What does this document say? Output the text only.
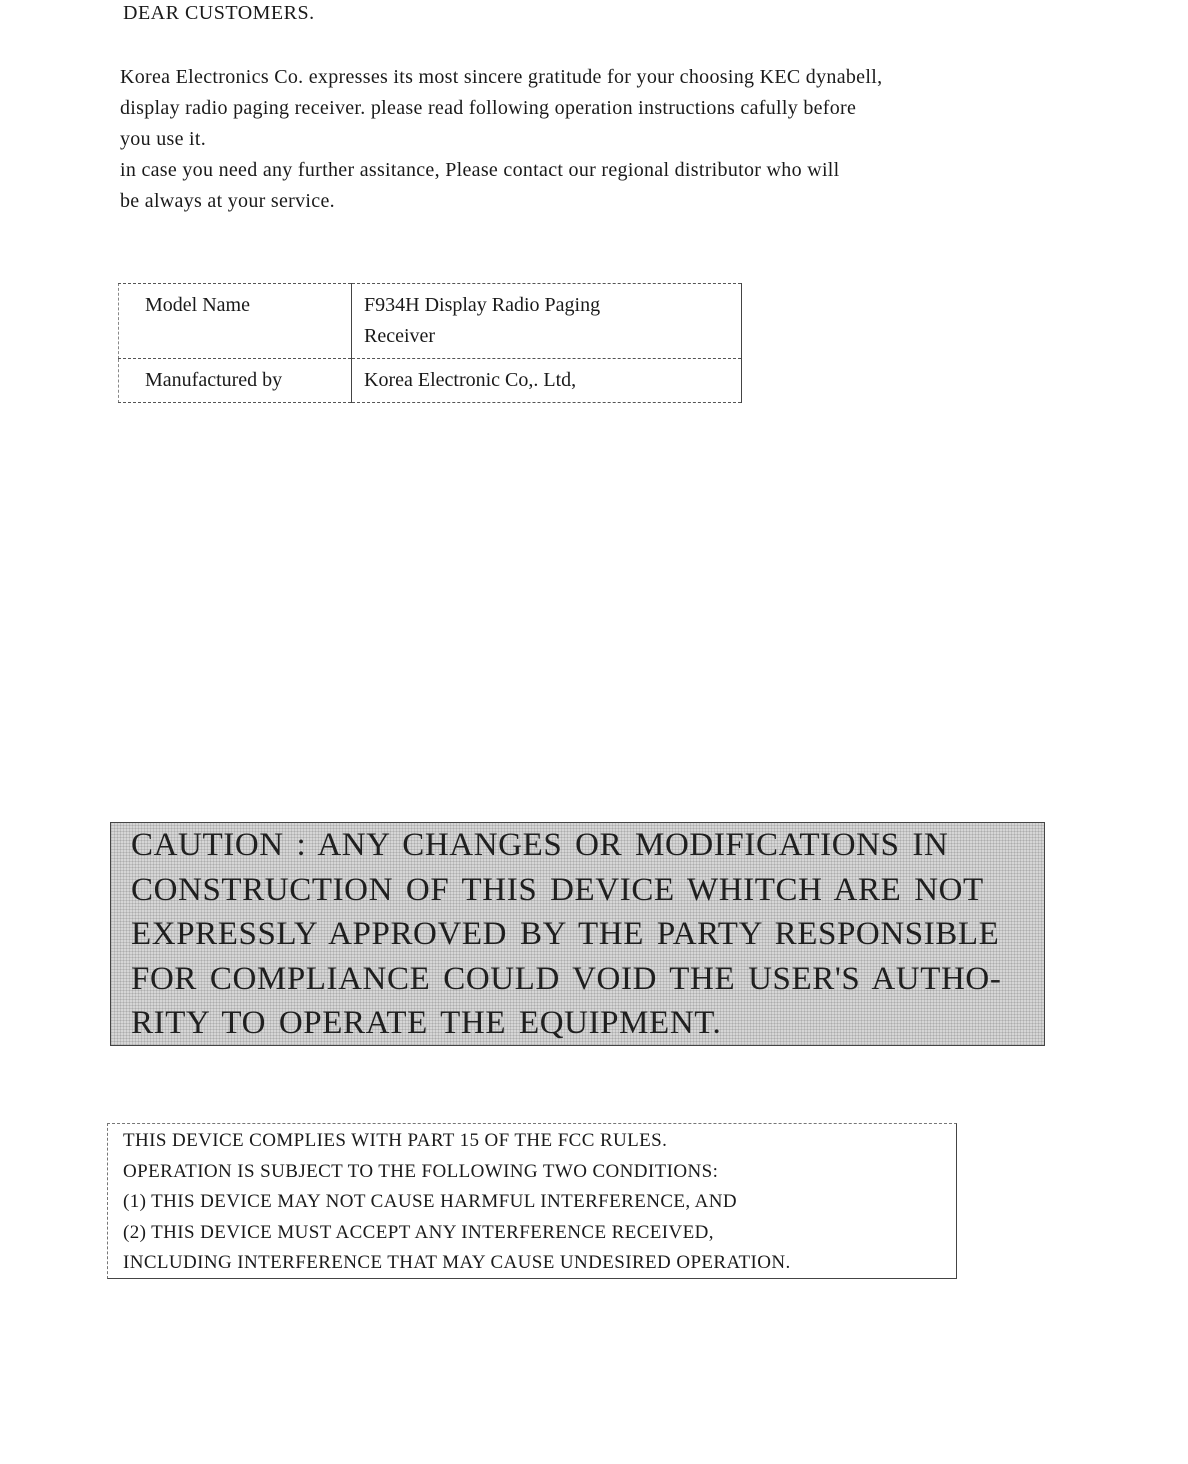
DEAR CUSTOMERS.

Korea Electronics Co. expresses its most sincere gratitude for your choosing KEC dynabell,
display radio paging receiver. please read following operation instructions cafully before
you use it.

in case you need any further assitance, Please contact our regional distributor who will
be always at your service.

Model Name	F934H Display Radio Paging
Receiver
Manufactured by	Korea Electronic Co,. Ltd,
CAUTION : ANY CHANGES OR MODIFICATIONS IN
CONSTRUCTION OF THIS DEVICE WHITCH ARE NOT
EXPRESSLY APPROVED BY THE PARTY RESPONSIBLE
FOR COMPLIANCE COULD VOID THE USER'S AUTHO-
RITY TO OPERATE THE EQUIPMENT.
THIS DEVICE COMPLIES WITH PART 15 OF THE FCC RULES.
OPERATION IS SUBJECT TO THE FOLLOWING TWO CONDITIONS:
(1) THIS DEVICE MAY NOT CAUSE HARMFUL INTERFERENCE, AND
(2) THIS DEVICE MUST ACCEPT ANY INTERFERENCE RECEIVED,
INCLUDING INTERFERENCE THAT MAY CAUSE UNDESIRED OPERATION.
